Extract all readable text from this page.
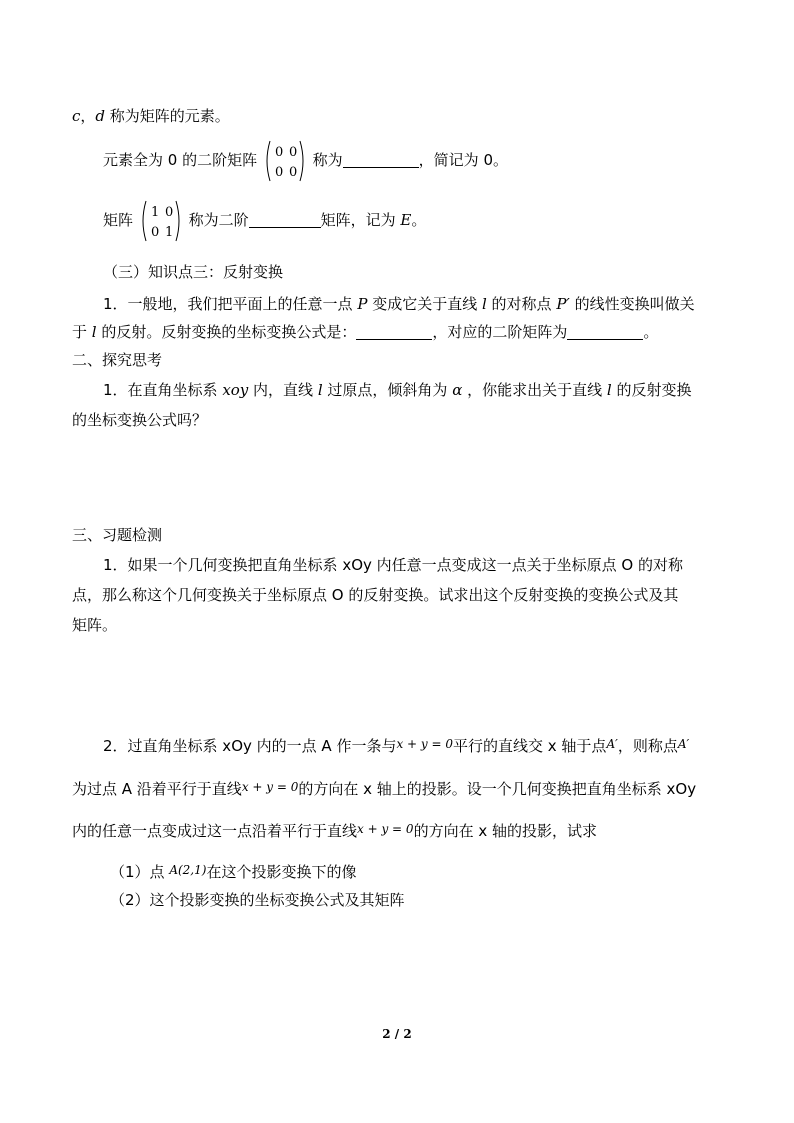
c，d 称为矩阵的元素。
元素全为 0 的二阶矩阵 0 0
0 0
称为	，简记为 0。
矩阵 1 0
0 1
称为二阶	矩阵，记为 E。
（三）知识点三：反射变换
1．一般地，我们把平面上的任意一点 P 变成它关于直线 l 的对称点 P′ 的线性变换叫做关
于 l 的反射。反射变换的坐标变换公式是：	，对应的二阶矩阵为	。
二、探究思考
1．在直角坐标系 xoy 内，直线 l 过原点，倾斜角为 α ，你能求出关于直线 l 的反射变换
的坐标变换公式吗？
三、习题检测
1．如果一个几何变换把直角坐标系 xOy 内任意一点变成这一点关于坐标原点 O 的对称
点，那么称这个几何变换关于坐标原点 O 的反射变换。试求出这个反射变换的变换公式及其
矩阵。
2．过直角坐标系 xOy 内的一点 A 作一条与$^{x + y = 0}$平行的直线交 x 轴于点$^{A'}$，则称点$^{A'}$
为过点 A 沿着平行于直线$^{x + y = 0}$的方向在 x 轴上的投影。设一个几何变换把直角坐标系 xOy
内的任意一点变成过这一点沿着平行于直线$^{x + y = 0}$的方向在 x 轴的投影，试求
（1）点 $^{A(2,1)}$在这个投影变换下的像
（2）这个投影变换的坐标变换公式及其矩阵
2 / 2
